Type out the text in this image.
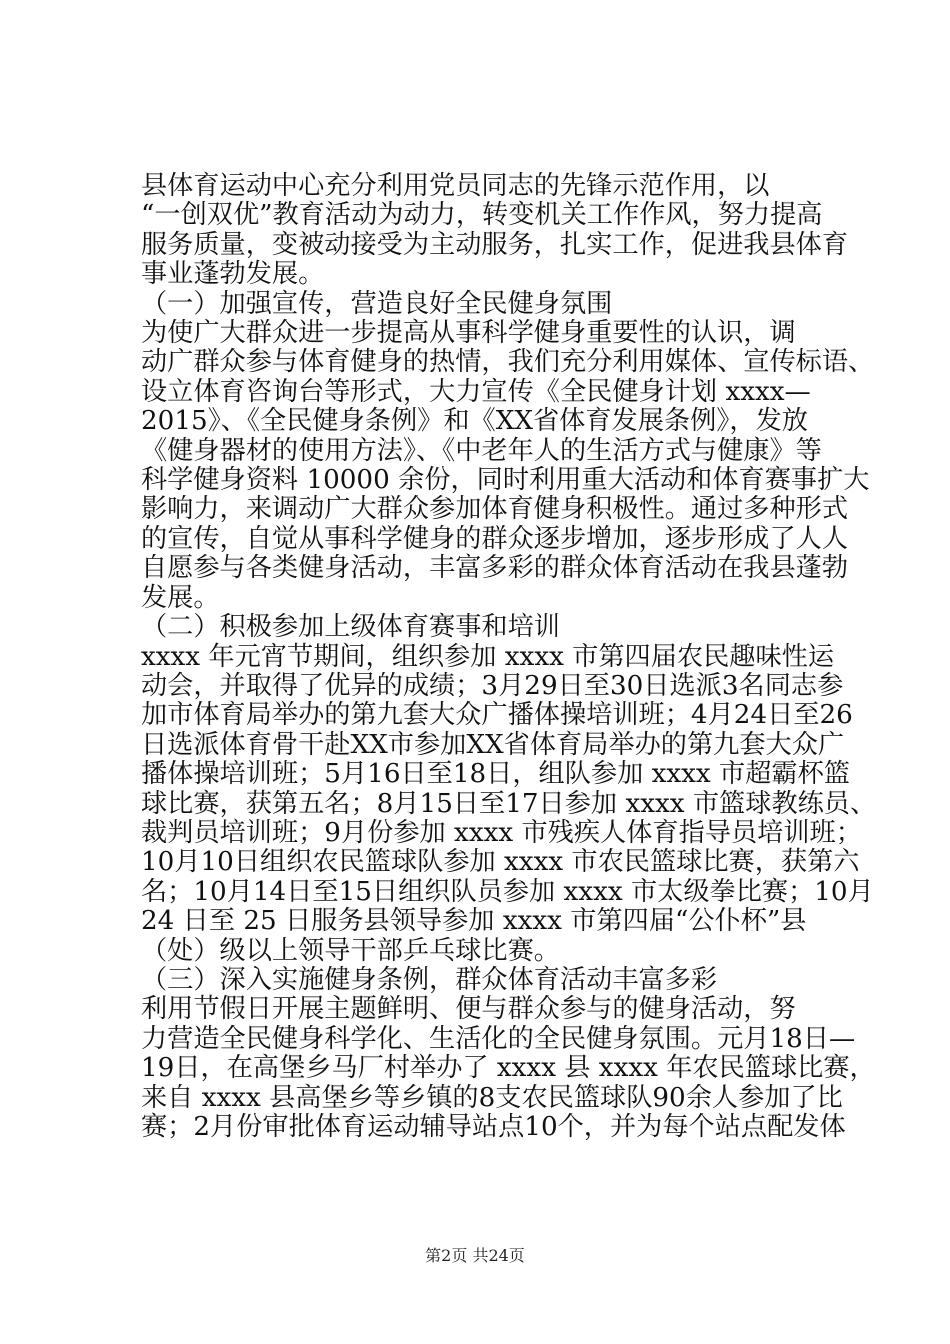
县体育运动中心充分利用党员同志的先锋示范作用，以
“一创双优”教育活动为动力，转变机关工作作风，努力提高
服务质量，变被动接受为主动服务，扎实工作，促进我县体育
事业蓬勃发展。
（一）加强宣传，营造良好全民健身氛围
为使广大群众进一步提高从事科学健身重要性的认识，调
动广群众参与体育健身的热情，我们充分利用媒体、宣传标语、
设立体育咨询台等形式，大力宣传《全民健身计划 xxxx—
2015》、《全民健身条例》和《XX省体育发展条例》，发放
《健身器材的使用方法》、《中老年人的生活方式与健康》等
科学健身资料 10000 余份，同时利用重大活动和体育赛事扩大
影响力，来调动广大群众参加体育健身积极性。通过多种形式
的宣传，自觉从事科学健身的群众逐步增加，逐步形成了人人
自愿参与各类健身活动，丰富多彩的群众体育活动在我县蓬勃
发展。
（二）积极参加上级体育赛事和培训
xxxx 年元宵节期间，组织参加 xxxx 市第四届农民趣味性运
动会，并取得了优异的成绩；3月29日至30日选派3名同志参
加市体育局举办的第九套大众广播体操培训班；4月24日至26
日选派体育骨干赴XX市参加XX省体育局举办的第九套大众广
播体操培训班；5月16日至18日，组队参加 xxxx 市超霸杯篮
球比赛，获第五名；8月15日至17日参加 xxxx 市篮球教练员、
裁判员培训班；9月份参加 xxxx 市残疾人体育指导员培训班；
10月10日组织农民篮球队参加 xxxx 市农民篮球比赛，获第六
名；10月14日至15日组织队员参加 xxxx 市太级拳比赛；10月
24 日至 25 日服务县领导参加 xxxx 市第四届“公仆杯”县
（处）级以上领导干部乒乓球比赛。
（三）深入实施健身条例，群众体育活动丰富多彩
利用节假日开展主题鲜明、便与群众参与的健身活动，努
力营造全民健身科学化、生活化的全民健身氛围。元月18日—
19日，在高堡乡马厂村举办了 xxxx 县 xxxx 年农民篮球比赛，
来自 xxxx 县高堡乡等乡镇的8支农民篮球队90余人参加了比
赛；2月份审批体育运动辅导站点10个，并为每个站点配发体
第2页 共24页
